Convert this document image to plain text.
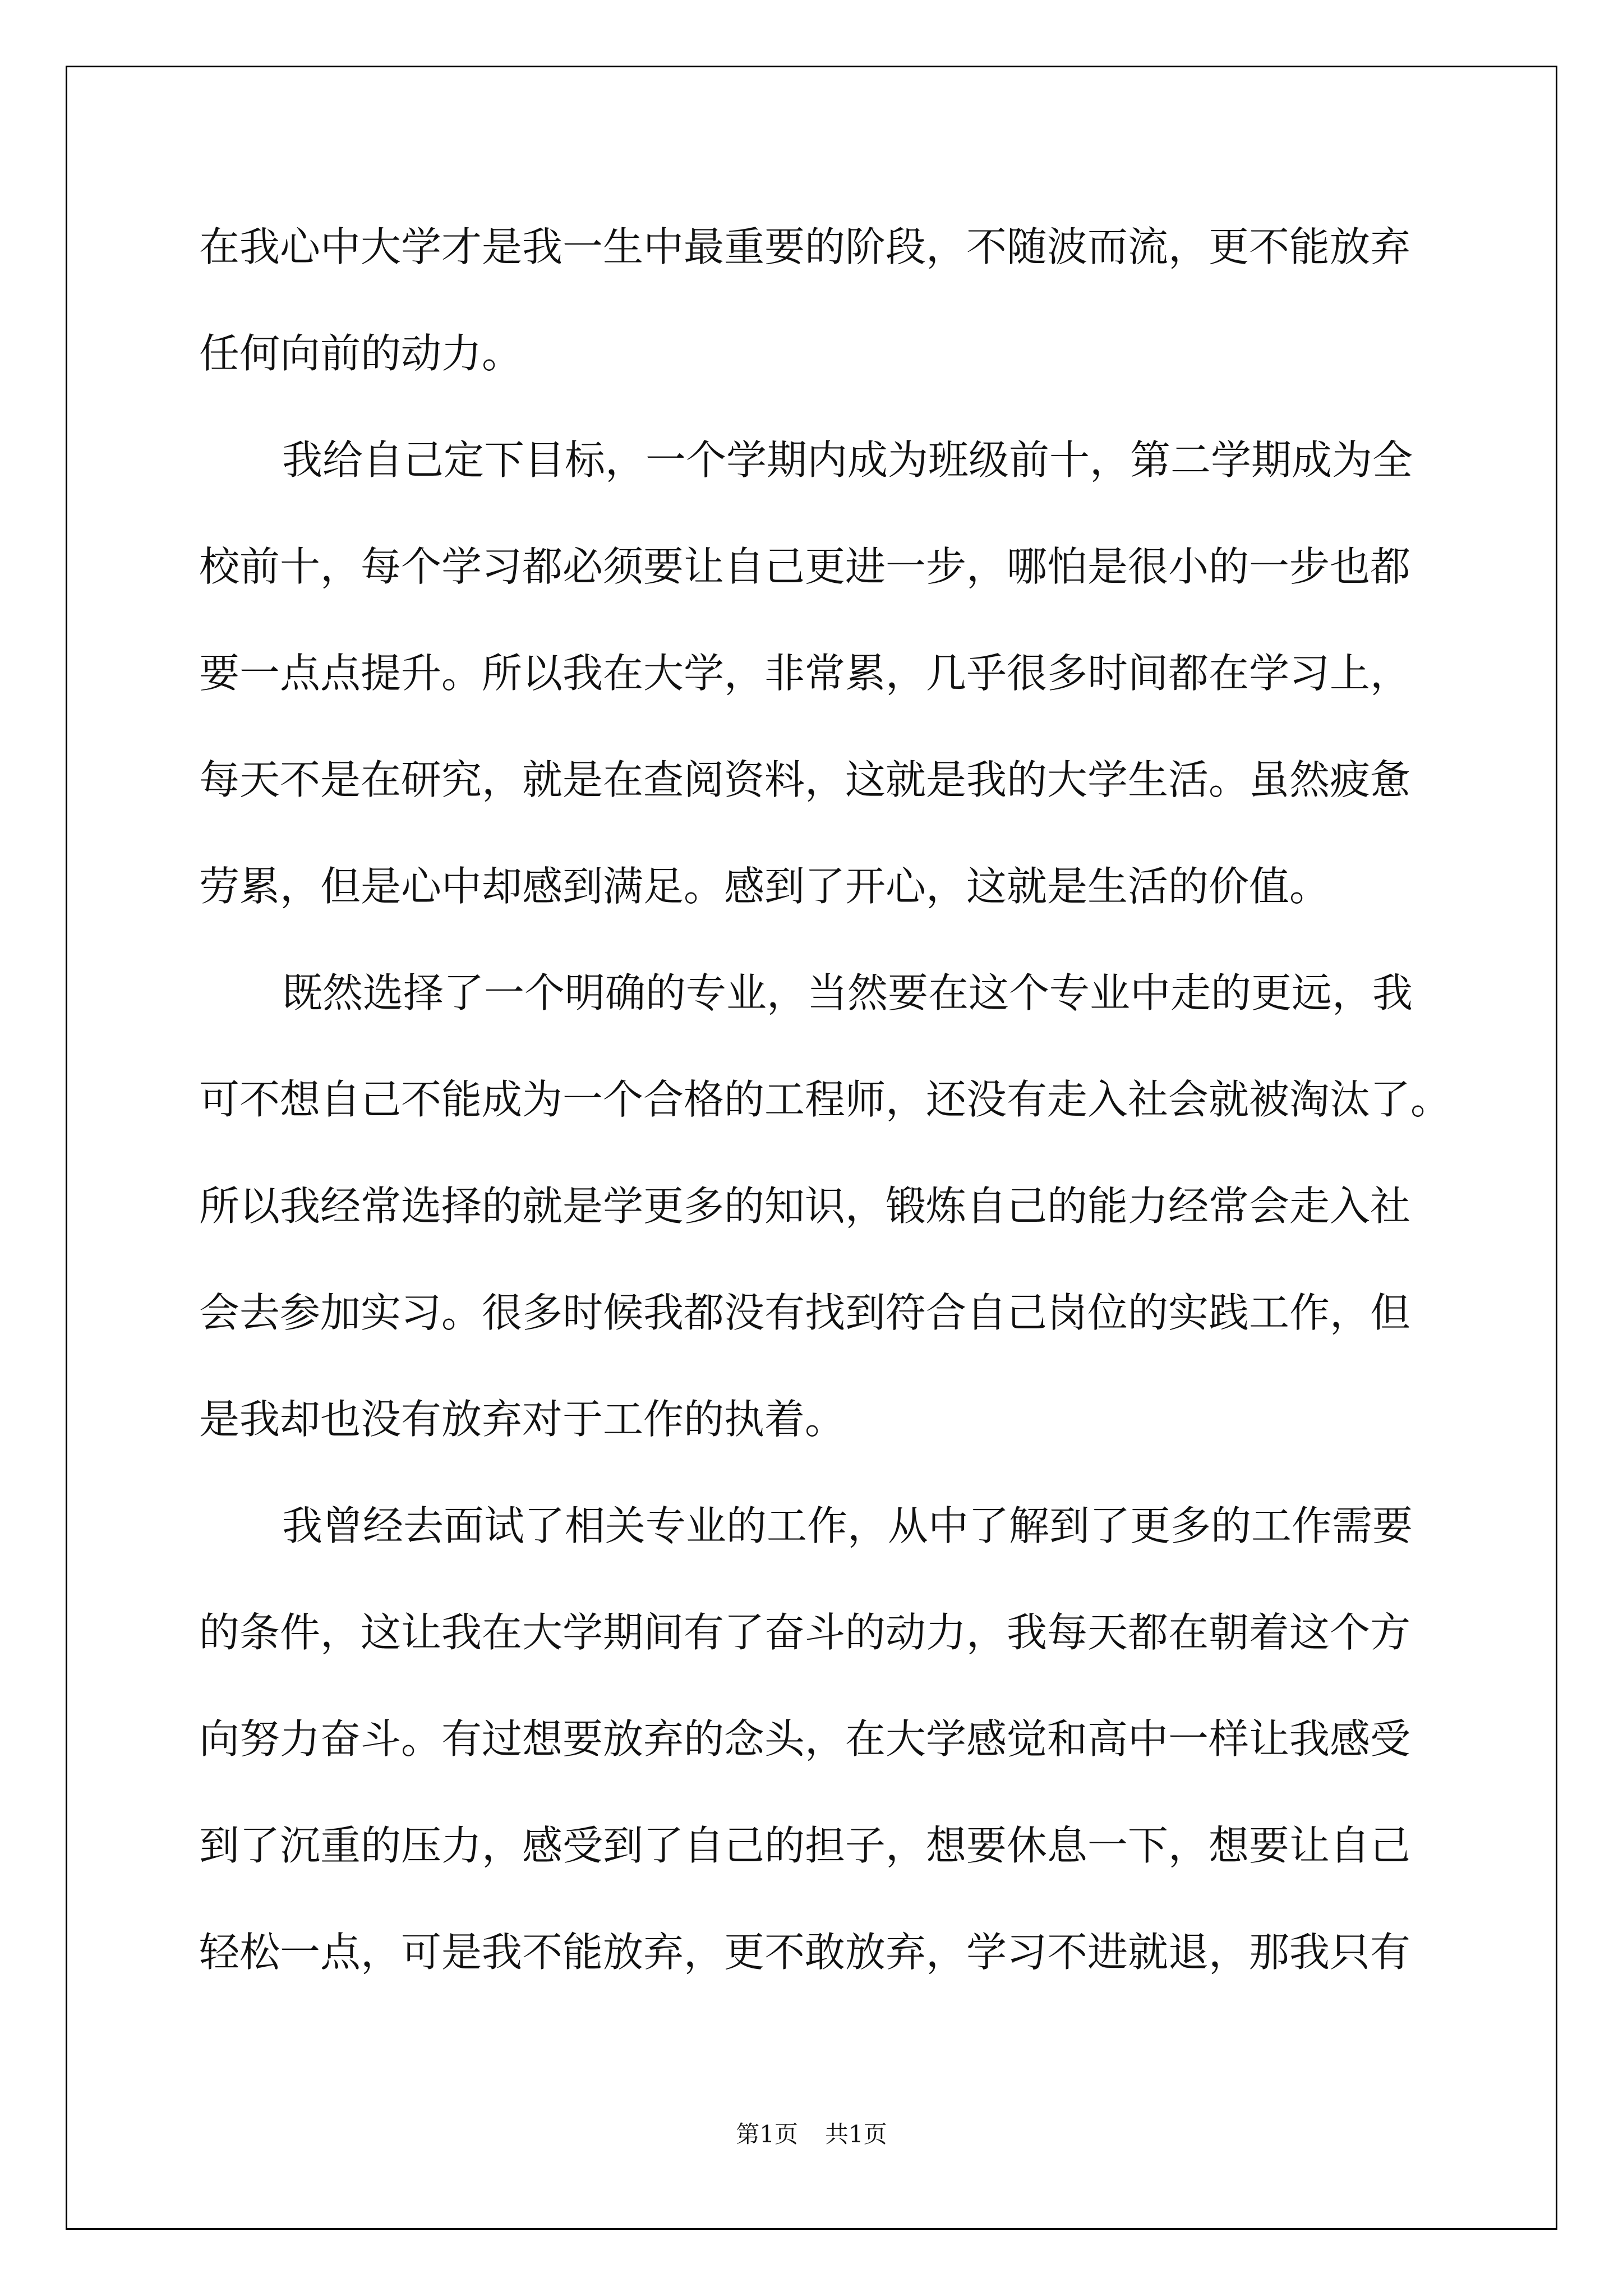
在我心中大学才是我一生中最重要的阶段，不随波而流，更不能放弃
任何向前的动力。
我给自己定下目标，一个学期内成为班级前十，第二学期成为全
校前十，每个学习都必须要让自己更进一步，哪怕是很小的一步也都
要一点点提升。所以我在大学，非常累，几乎很多时间都在学习上，
每天不是在研究，就是在查阅资料，这就是我的大学生活。虽然疲惫
劳累，但是心中却感到满足。感到了开心，这就是生活的价值。
既然选择了一个明确的专业，当然要在这个专业中走的更远，我
可不想自己不能成为一个合格的工程师，还没有走入社会就被淘汰了。
所以我经常选择的就是学更多的知识，锻炼自己的能力经常会走入社
会去参加实习。很多时候我都没有找到符合自己岗位的实践工作，但
是我却也没有放弃对于工作的执着。
我曾经去面试了相关专业的工作，从中了解到了更多的工作需要
的条件，这让我在大学期间有了奋斗的动力，我每天都在朝着这个方
向努力奋斗。有过想要放弃的念头，在大学感觉和高中一样让我感受
到了沉重的压力，感受到了自己的担子，想要休息一下，想要让自己
轻松一点，可是我不能放弃，更不敢放弃，学习不进就退，那我只有
第1页 共1页
